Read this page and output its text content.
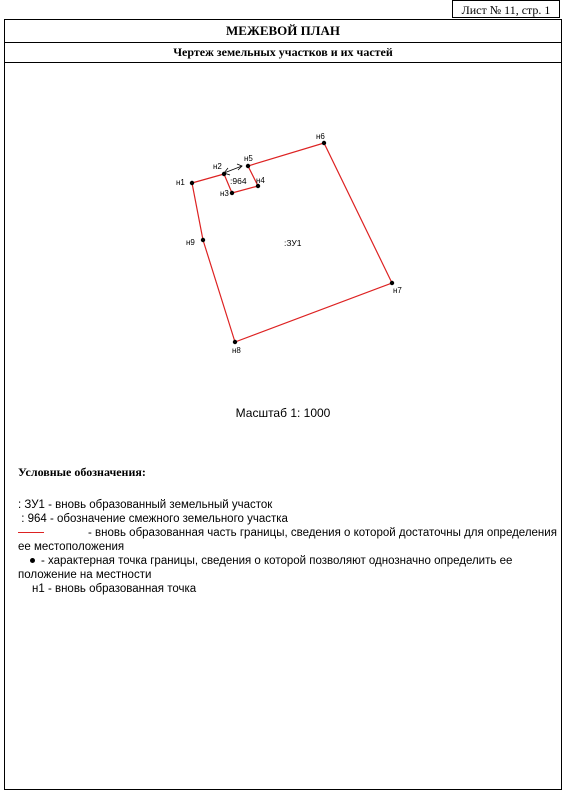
Лист № 11, стр. 1
МЕЖЕВОЙ ПЛАН
Чертеж земельных участков и их частей
н1
н2
н3
н4
н5
н6
н7
н8
н9
:964
:ЗУ1
Масштаб 1: 1000
Условные обозначения:

: ЗУ1 - вновь образованный земельный участок

: 964 - обозначение смежного земельного участка

- вновь образованная часть границы, сведения о которой достаточны для определения ее местоположения

- характерная точка границы, сведения о которой позволяют однозначно определить ее положение на местности

н1 - вновь образованная точка
